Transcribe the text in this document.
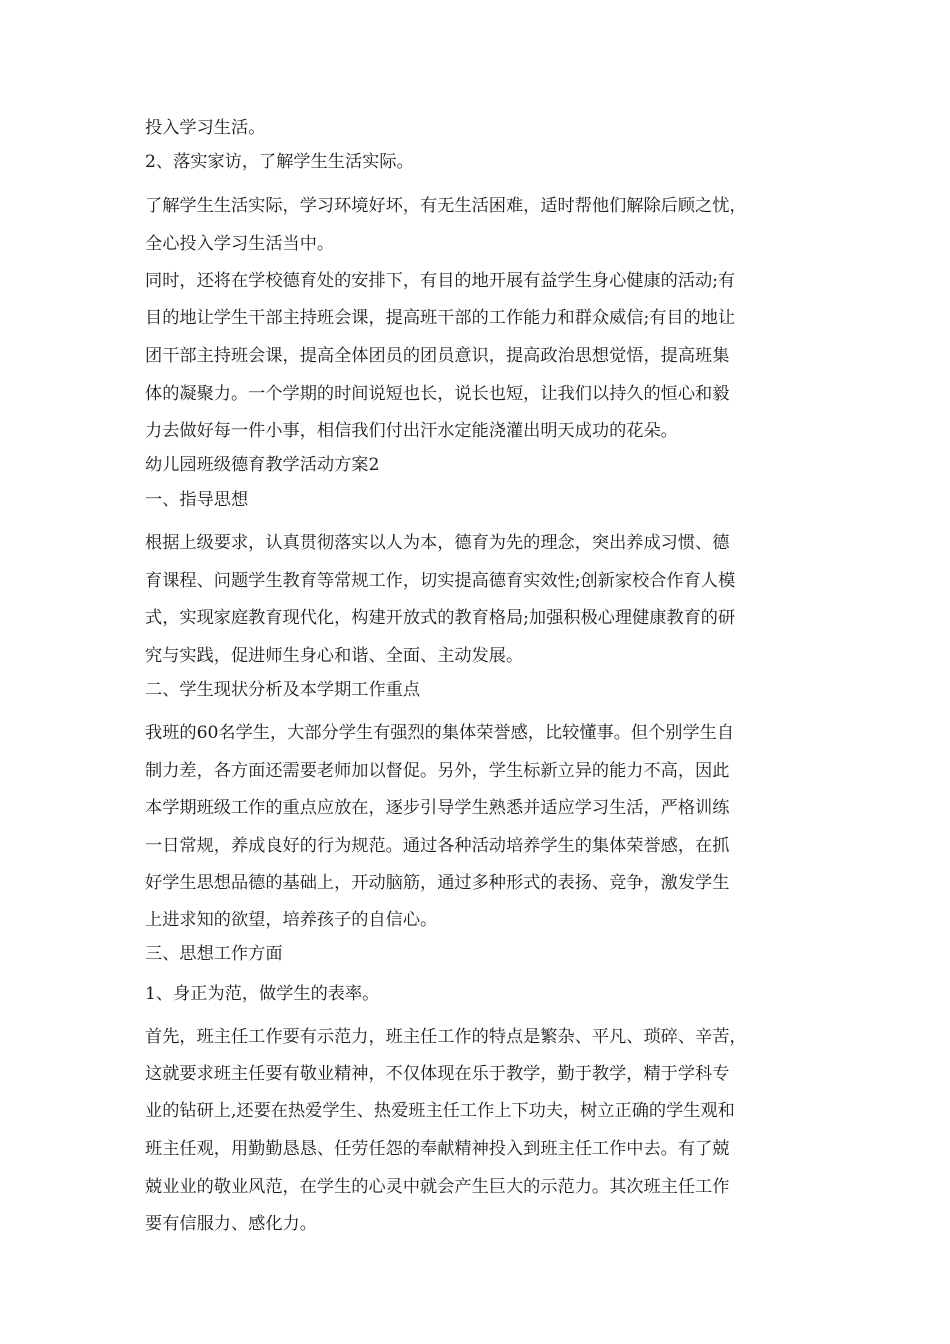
投入学习生活。
2、落实家访，了解学生生活实际。
了解学生生活实际，学习环境好坏，有无生活困难，适时帮他们解除后顾之忧，
全心投入学习生活当中。
同时，还将在学校德育处的安排下，有目的地开展有益学生身心健康的活动;有
目的地让学生干部主持班会课，提高班干部的工作能力和群众威信;有目的地让
团干部主持班会课，提高全体团员的团员意识，提高政治思想觉悟，提高班集
体的凝聚力。一个学期的时间说短也长，说长也短，让我们以持久的恒心和毅
力去做好每一件小事，相信我们付出汗水定能浇灌出明天成功的花朵。
幼儿园班级德育教学活动方案2
一、指导思想
根据上级要求，认真贯彻落实以人为本，德育为先的理念，突出养成习惯、德
育课程、问题学生教育等常规工作，切实提高德育实效性;创新家校合作育人模
式，实现家庭教育现代化，构建开放式的教育格局;加强积极心理健康教育的研
究与实践，促进师生身心和谐、全面、主动发展。
二、学生现状分析及本学期工作重点
我班的60名学生，大部分学生有强烈的集体荣誉感，比较懂事。但个别学生自
制力差，各方面还需要老师加以督促。另外，学生标新立异的能力不高，因此
本学期班级工作的重点应放在，逐步引导学生熟悉并适应学习生活，严格训练
一日常规，养成良好的行为规范。通过各种活动培养学生的集体荣誉感，在抓
好学生思想品德的基础上，开动脑筋，通过多种形式的表扬、竞争，激发学生
上进求知的欲望，培养孩子的自信心。
三、思想工作方面
1、身正为范，做学生的表率。
首先，班主任工作要有示范力，班主任工作的特点是繁杂、平凡、琐碎、辛苦，
这就要求班主任要有敬业精神，不仅体现在乐于教学，勤于教学，精于学科专
业的钻研上,还要在热爱学生、热爱班主任工作上下功夫，树立正确的学生观和
班主任观，用勤勤恳恳、任劳任怨的奉献精神投入到班主任工作中去。有了兢
兢业业的敬业风范，在学生的心灵中就会产生巨大的示范力。其次班主任工作
要有信服力、感化力。
